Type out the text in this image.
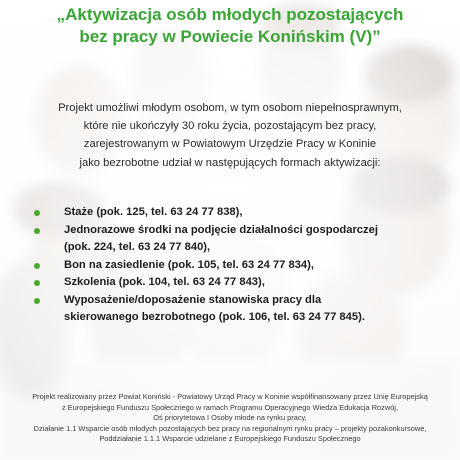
„Aktywizacja osób młodych pozostających
bez pracy w Powiecie Konińskim (V)”

Projekt umożliwi młodym osobom, w tym osobom niepełnosprawnym,
które nie ukończyły 30 roku życia, pozostającym bez pracy,
zarejestrowanym w Powiatowym Urzędzie Pracy w Koninie
jako bezrobotne udział w następujących formach aktywizacji:

Staże (pok. 125, tel. 63 24 77 838),
Jednorazowe środki na podjęcie działalności gospodarczej
(pok. 224, tel. 63 24 77 840),
Bon na zasiedlenie (pok. 105, tel. 63 24 77 834),
Szkolenia (pok. 104, tel. 63 24 77 843),
Wyposażenie/doposażenie stanowiska pracy dla
skierowanego bezrobotnego (pok. 106, tel. 63 24 77 845).

Projekt realizowany przez Powiat Koniński - Powiatowy Urząd Pracy w Koninie współfinansowany przez Unię Europejską
z Europejskiego Funduszu Społecznego w ramach Programu Operacyjnego Wiedza Edukacja Rozwój,
Oś priorytetowa I Osoby młode na rynku pracy,
Działanie 1.1 Wsparcie osób młodych pozostających bez pracy na regionalnym rynku pracy – projekty pozakonkursowe,
Poddziałanie 1.1.1 Wsparcie udzielane z Europejskiego Funduszu Społecznego
